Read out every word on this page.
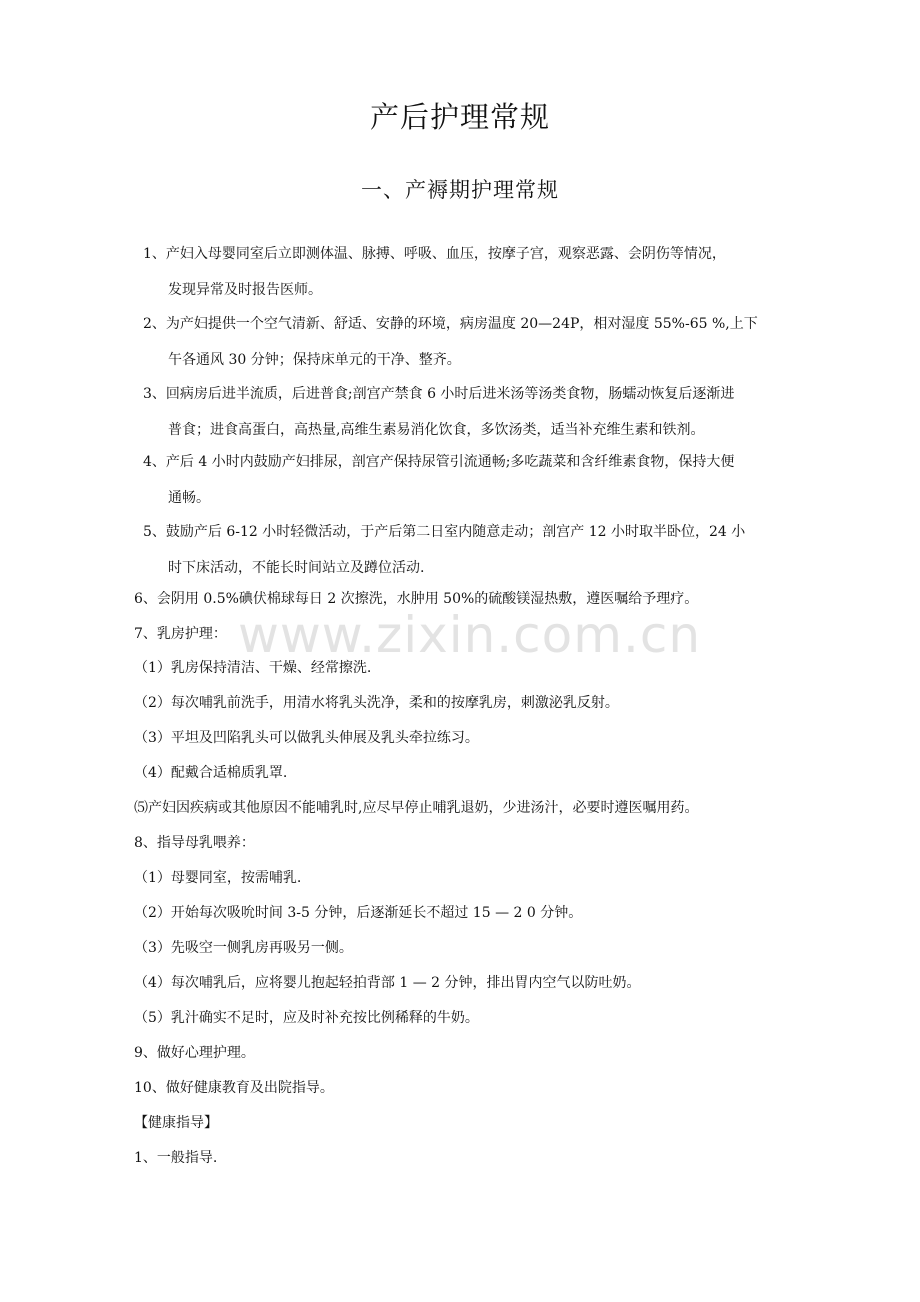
产后护理常规
一、产褥期护理常规
1、产妇入母婴同室后立即测体温、脉搏、呼吸、血压，按摩子宫，观察恶露、会阴伤等情况，
发现异常及时报告医师。
2、为产妇提供一个空气清新、舒适、安静的环境，病房温度 20—24P，相对湿度 55%-65 %,上下
午各通风 30 分钟；保持床单元的干净、整齐。
3、回病房后进半流质，后进普食;剖宫产禁食 6 小时后进米汤等汤类食物，肠蠕动恢复后逐渐进
普食；进食高蛋白，高热量,高维生素易消化饮食，多饮汤类，适当补充维生素和铁剂。
4、产后 4 小时内鼓励产妇排尿，剖宫产保持尿管引流通畅;多吃蔬菜和含纤维素食物，保持大便
通畅。
5、鼓励产后 6-12 小时轻微活动，于产后第二日室内随意走动；剖宫产 12 小时取半卧位，24 小
时下床活动，不能长时间站立及蹲位活动.
6、会阴用 0.5%碘伏棉球每日 2 次擦洗，水肿用 50%的硫酸镁湿热敷，遵医嘱给予理疗。
7、乳房护理：
（1）乳房保持清洁、干燥、经常擦洗.
（2）每次哺乳前洗手，用清水将乳头洗净，柔和的按摩乳房，刺激泌乳反射。
（3）平坦及凹陷乳头可以做乳头伸展及乳头牵拉练习。
（4）配戴合适棉质乳罩.
⑸产妇因疾病或其他原因不能哺乳时,应尽早停止哺乳退奶，少进汤汁，必要时遵医嘱用药。
8、指导母乳喂养：
（1）母婴同室，按需哺乳.
（2）开始每次吸吮时间 3-5 分钟，后逐渐延长不超过 15 — 2 0 分钟。
（3）先吸空一侧乳房再吸另一侧。
（4）每次哺乳后，应将婴儿抱起轻拍背部 1 — 2 分钟，排出胃内空气以防吐奶。
（5）乳汁确实不足时，应及时补充按比例稀释的牛奶。
9、做好心理护理。
10、做好健康教育及出院指导。
【健康指导】
1、一般指导.
www.zixin.com.cn
